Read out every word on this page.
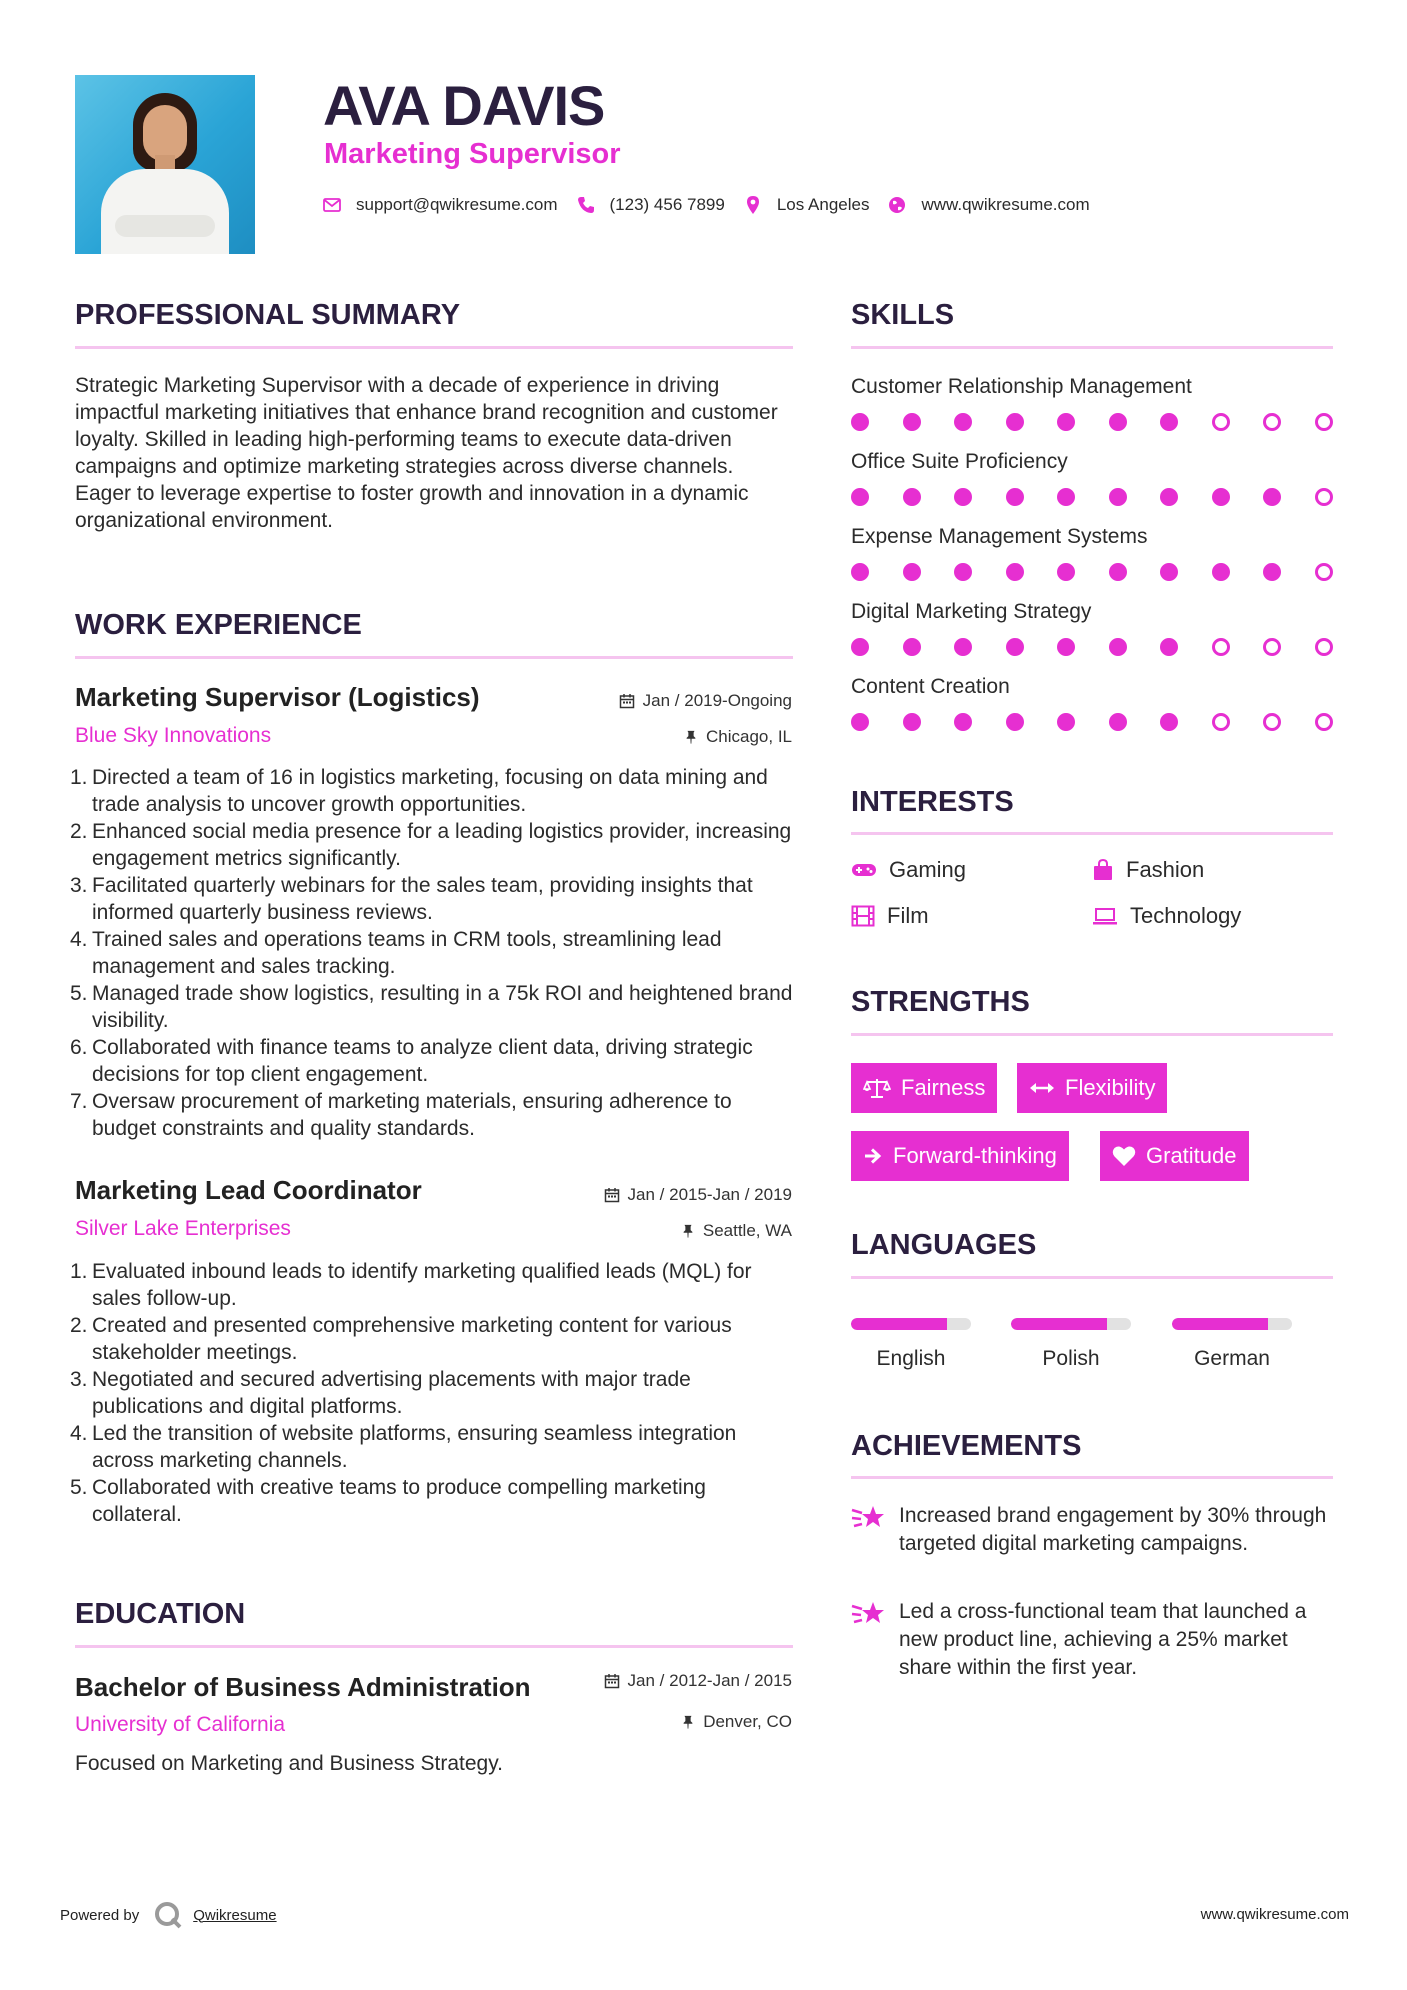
AVA DAVIS
Marketing Supervisor
support@qwikresume.com	(123) 456 7899	Los Angeles	www.qwikresume.com
PROFESSIONAL SUMMARY

Strategic Marketing Supervisor with a decade of experience in driving impactful marketing initiatives that enhance brand recognition and customer loyalty. Skilled in leading high-performing teams to execute data-driven campaigns and optimize marketing strategies across diverse channels. Eager to leverage expertise to foster growth and innovation in a dynamic organizational environment.

WORK EXPERIENCE
Marketing Supervisor (Logistics)	Jan / 2019-Ongoing

Blue Sky Innovations	Chicago, IL
1. Directed a team of 16 in logistics marketing, focusing on data mining and trade analysis to uncover growth opportunities.
2. Enhanced social media presence for a leading logistics provider, increasing engagement metrics significantly.
3. Facilitated quarterly webinars for the sales team, providing insights that informed quarterly business reviews.
4. Trained sales and operations teams in CRM tools, streamlining lead management and sales tracking.
5. Managed trade show logistics, resulting in a 75k ROI and heightened brand visibility.
6. Collaborated with finance teams to analyze client data, driving strategic decisions for top client engagement.
7. Oversaw procurement of marketing materials, ensuring adherence to budget constraints and quality standards.
Marketing Lead Coordinator	Jan / 2015-Jan / 2019

Silver Lake Enterprises	Seattle, WA
1. Evaluated inbound leads to identify marketing qualified leads (MQL) for sales follow-up.
2. Created and presented comprehensive marketing content for various stakeholder meetings.
3. Negotiated and secured advertising placements with major trade publications and digital platforms.
4. Led the transition of website platforms, ensuring seamless integration across marketing channels.
5. Collaborated with creative teams to produce compelling marketing collateral.
EDUCATION
Bachelor of Business Administration	Jan / 2012-Jan / 2015

University of California	Denver, CO

Focused on Marketing and Business Strategy.

SKILLS

Customer Relationship Management

Office Suite Proficiency

Expense Management Systems

Digital Marketing Strategy

Content Creation

INTERESTS
Gaming	Fashion
Film	Technology
STRENGTHS
Fairness	Flexibility
Forward-thinking	Gratitude
LANGUAGES
English	Polish	German
ACHIEVEMENTS

Increased brand engagement by 30% through targeted digital marketing campaigns.

Led a cross-functional team that launched a new product line, achieving a 25% market share within the first year.

Powered by	Qwikresume	www.qwikresume.com
